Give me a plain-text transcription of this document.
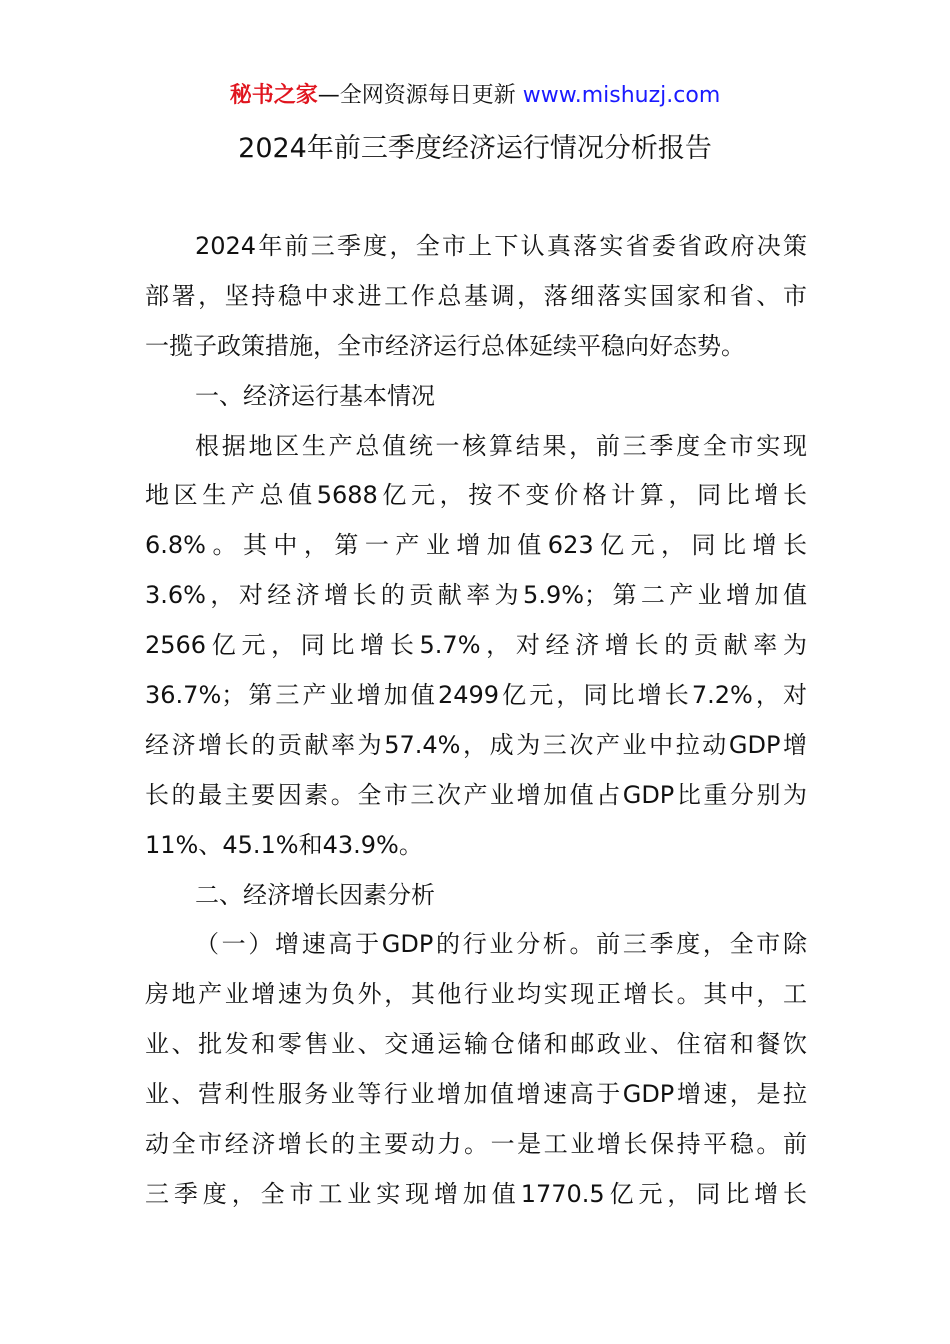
秘书之家—全网资源每日更新 www.mishuzj.com
2024年前三季度经济运行情况分析报告
2024年前三季度，全市上下认真落实省委省政府决策
部署，坚持稳中求进工作总基调，落细落实国家和省、市
一揽子政策措施，全市经济运行总体延续平稳向好态势。
一、经济运行基本情况
根据地区生产总值统一核算结果，前三季度全市实现
地区生产总值5688亿元，按不变价格计算，同比增长
6.8%。其中，第一产业增加值623亿元，同比增长
3.6%，对经济增长的贡献率为5.9%；第二产业增加值
2566亿元，同比增长5.7%，对经济增长的贡献率为
36.7%；第三产业增加值2499亿元，同比增长7.2%，对
经济增长的贡献率为57.4%，成为三次产业中拉动GDP增
长的最主要因素。全市三次产业增加值占GDP比重分别为
11%、45.1%和43.9%。
二、经济增长因素分析
（一）增速高于GDP的行业分析。前三季度，全市除
房地产业增速为负外，其他行业均实现正增长。其中，工
业、批发和零售业、交通运输仓储和邮政业、住宿和餐饮
业、营利性服务业等行业增加值增速高于GDP增速，是拉
动全市经济增长的主要动力。一是工业增长保持平稳。前
三季度，全市工业实现增加值1770.5亿元，同比增长
